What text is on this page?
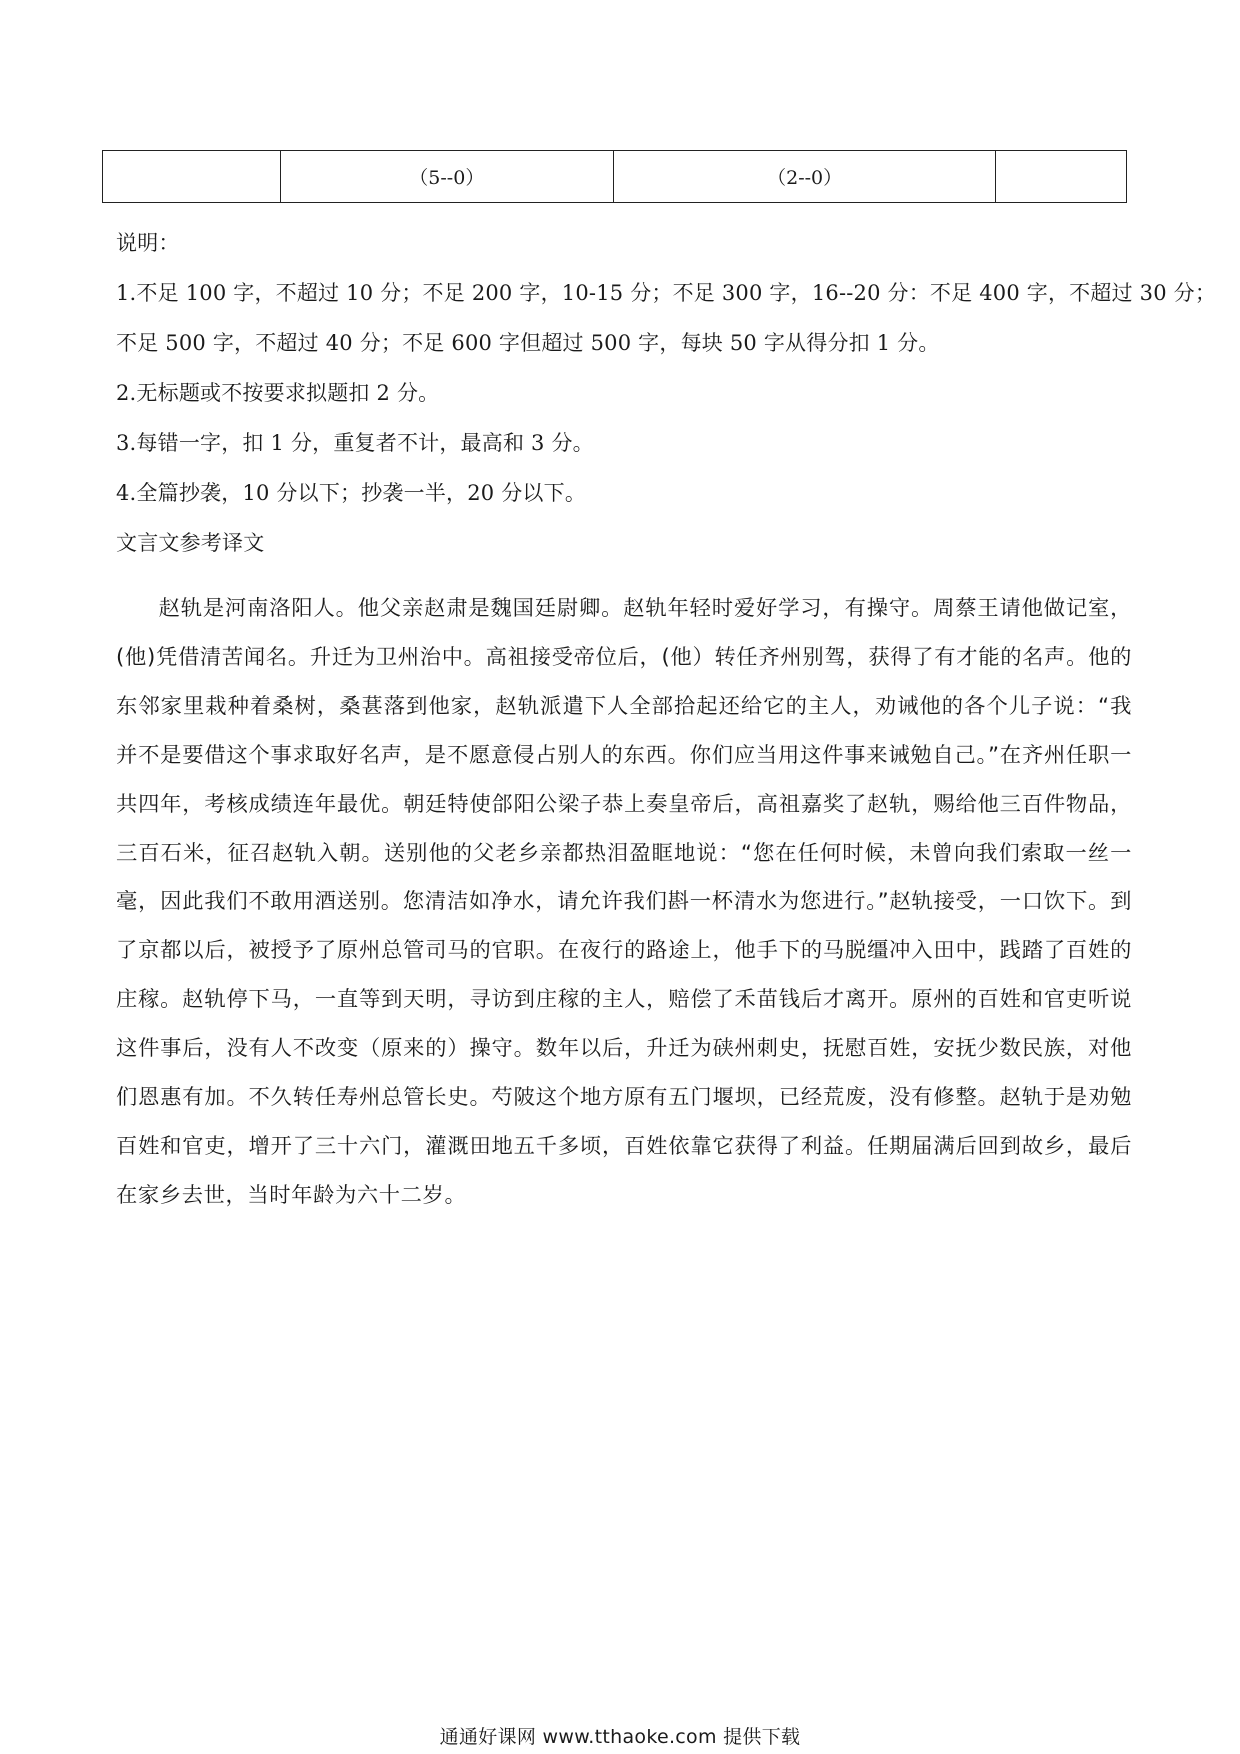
	（5--0）	（2--0）	
说明：
1.不足 100 字，不超过 10 分；不足 200 字，10-15 分；不足 300 字，16--20 分：不足 400 字，不超过 30 分；
不足 500 字，不超过 40 分；不足 600 字但超过 500 字，每块 50 字从得分扣 1 分。
2.无标题或不按要求拟题扣 2 分。
3.每错一字，扣 1 分，重复者不计，最高和 3 分。
4.全篇抄袭，10 分以下；抄袭一半，20 分以下。
文言文参考译文
赵轨是河南洛阳人。他父亲赵肃是魏国廷尉卿。赵轨年轻时爱好学习，有操守。周蔡王请他做记室，(他)凭借清苦闻名。升迁为卫州治中。高祖接受帝位后，(他）转任齐州别驾，获得了有才能的名声。他的东邻家里栽种着桑树，桑葚落到他家，赵轨派遣下人全部拾起还给它的主人，劝诫他的各个儿子说：“我并不是要借这个事求取好名声，是不愿意侵占别人的东西。你们应当用这件事来诫勉自己。”在齐州任职一共四年，考核成绩连年最优。朝廷特使郃阳公梁子恭上奏皇帝后，高祖嘉奖了赵轨，赐给他三百件物品，三百石米，征召赵轨入朝。送别他的父老乡亲都热泪盈眶地说：“您在任何时候，未曾向我们索取一丝一毫，因此我们不敢用酒送别。您清洁如净水，请允许我们斟一杯清水为您进行。”赵轨接受，一口饮下。到了京都以后，被授予了原州总管司马的官职。在夜行的路途上，他手下的马脱缰冲入田中，践踏了百姓的庄稼。赵轨停下马，一直等到天明，寻访到庄稼的主人，赔偿了禾苗钱后才离开。原州的百姓和官吏听说这件事后，没有人不改变（原来的）操守。数年以后，升迁为硖州刺史，抚慰百姓，安抚少数民族，对他们恩惠有加。不久转任寿州总管长史。芍陂这个地方原有五门堰坝，已经荒废，没有修整。赵轨于是劝勉百姓和官吏，增开了三十六门，灌溉田地五千多顷，百姓依靠它获得了利益。任期届满后回到故乡，最后在家乡去世，当时年龄为六十二岁。
通通好课网 www.tthaoke.com 提供下载
